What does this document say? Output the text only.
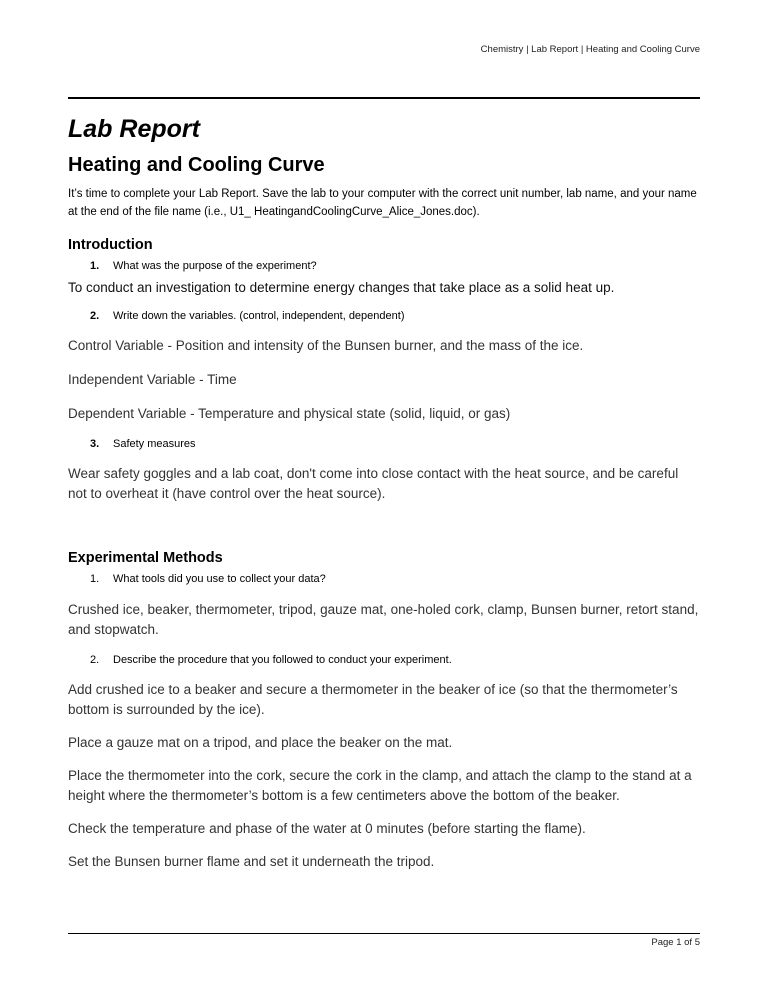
Chemistry | Lab Report | Heating and Cooling Curve
Lab Report
Heating and Cooling Curve

It’s time to complete your Lab Report. Save the lab to your computer with the correct unit number, lab name, and your name at the end of the file name (i.e., U1_ HeatingandCoolingCurve_Alice_Jones.doc).

Introduction

1. What was the purpose of the experiment?

To conduct an investigation to determine energy changes that take place as a solid heat up.

2. Write down the variables. (control, independent, dependent)

Control Variable - Position and intensity of the Bunsen burner, and the mass of the ice.

Independent Variable - Time

Dependent Variable - Temperature and physical state (solid, liquid, or gas)

3. Safety measures

Wear safety goggles and a lab coat, don't come into close contact with the heat source, and be careful not to overheat it (have control over the heat source).

Experimental Methods

1. What tools did you use to collect your data?

Crushed ice, beaker, thermometer, tripod, gauze mat, one-holed cork, clamp, Bunsen burner, retort stand, and stopwatch.

2. Describe the procedure that you followed to conduct your experiment.

Add crushed ice to a beaker and secure a thermometer in the beaker of ice (so that the thermometer’s bottom is surrounded by the ice).

Place a gauze mat on a tripod, and place the beaker on the mat.

Place the thermometer into the cork, secure the cork in the clamp, and attach the clamp to the stand at a height where the thermometer’s bottom is a few centimeters above the bottom of the beaker.

Check the temperature and phase of the water at 0 minutes (before starting the flame).

Set the Bunsen burner flame and set it underneath the tripod.

Page 1 of 5
